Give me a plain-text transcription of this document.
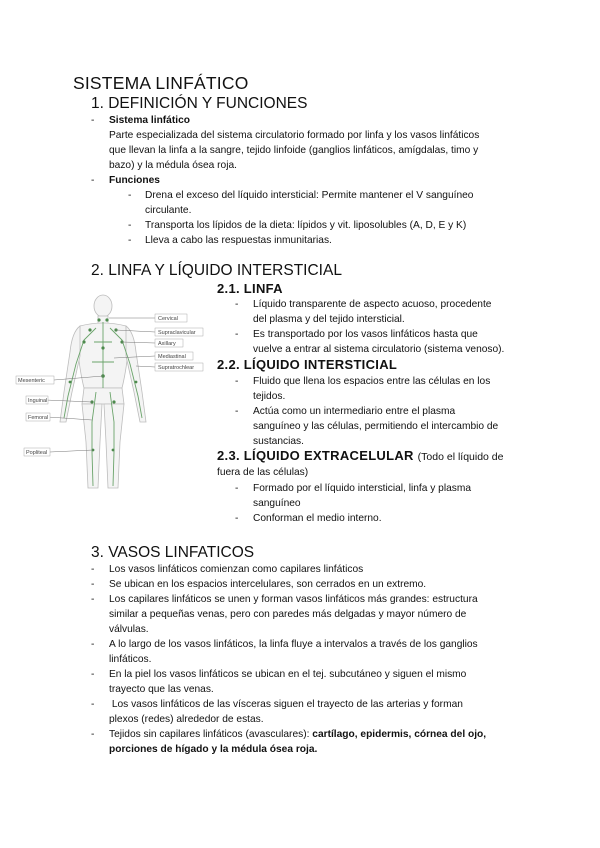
SISTEMA LINFÁTICO
1. DEFINICIÓN Y FUNCIONES
- Sistema linfático
Parte especializada del sistema circulatorio formado por linfa y los vasos linfáticos
que llevan la linfa a la sangre, tejido linfoide (ganglios linfáticos, amígdalas, timo y
bazo) y la médula ósea roja.
- Funciones
- Drena el exceso del líquido intersticial: Permite mantener el V sanguíneo
circulante.
- Transporta los lípidos de la dieta: lípidos y vit. liposolubles (A, D, E y K)
- Lleva a cabo las respuestas inmunitarias.
2. LINFA Y LÍQUIDO INTERSTICIAL
Cervical
Supraclavicular
Axillary
Mediastinal
Supratrochlear
Mesenteric
Inguinal
Femoral
Popliteal
2.1. LINFA
- Líquido transparente de aspecto acuoso, procedente
del plasma y del tejido intersticial.
- Es transportado por los vasos linfáticos hasta que
vuelve a entrar al sistema circulatorio (sistema venoso).
2.2. LÍQUIDO INTERSTICIAL
- Fluido que llena los espacios entre las células en los
tejidos.
- Actúa como un intermediario entre el plasma
sanguíneo y las células, permitiendo el intercambio de
sustancias.
2.3. LÍQUIDO EXTRACELULAR (Todo el líquido de
fuera de las células)
- Formado por el líquido intersticial, linfa y plasma
sanguíneo
- Conforman el medio interno.
3. VASOS LINFATICOS
- Los vasos linfáticos comienzan como capilares linfáticos
- Se ubican en los espacios intercelulares, son cerrados en un extremo.
- Los capilares linfáticos se unen y forman vasos linfáticos más grandes: estructura
similar a pequeñas venas, pero con paredes más delgadas y mayor número de
válvulas.
- A lo largo de los vasos linfáticos, la linfa fluye a intervalos a través de los ganglios
linfáticos.
- En la piel los vasos linfáticos se ubican en el tej. subcutáneo y siguen el mismo
trayecto que las venas.
- Los vasos linfáticos de las vísceras siguen el trayecto de las arterias y forman
plexos (redes) alrededor de estas.
- Tejidos sin capilares linfáticos (avasculares): cartílago, epidermis, córnea del ojo,
porciones de hígado y la médula ósea roja.
